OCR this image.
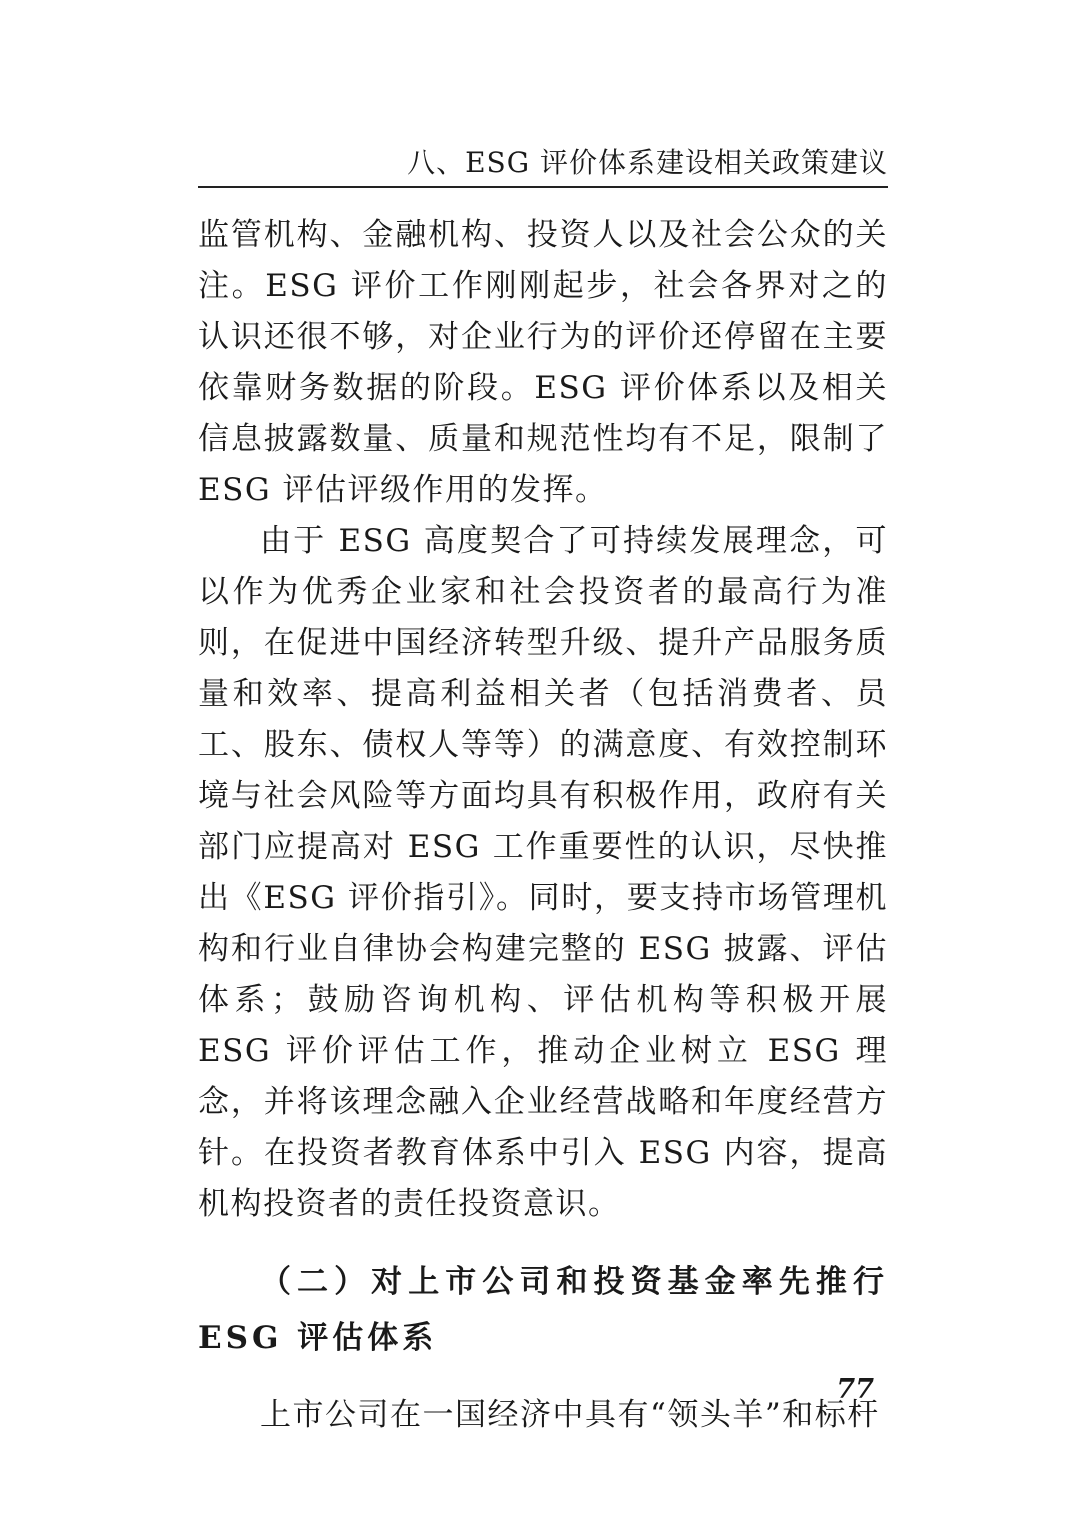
八、ESG 评价体系建设相关政策建议

监管机构、金融机构、投资人以及社会公众的关注。ESG 评价工作刚刚起步，社会各界对之的认识还很不够，对企业行为的评价还停留在主要依靠财务数据的阶段。ESG 评价体系以及相关信息披露数量、质量和规范性均有不足，限制了 ESG 评估评级作用的发挥。

由于 ESG 高度契合了可持续发展理念，可以作为优秀企业家和社会投资者的最高行为准则，在促进中国经济转型升级、提升产品服务质量和效率、提高利益相关者（包括消费者、员工、股东、债权人等等）的满意度、有效控制环境与社会风险等方面均具有积极作用，政府有关部门应提高对 ESG 工作重要性的认识，尽快推出《ESG 评价指引》。同时，要支持市场管理机构和行业自律协会构建完整的 ESG 披露、评估体系；鼓励咨询机构、评估机构等积极开展 ESG 评价评估工作，推动企业树立 ESG 理念，并将该理念融入企业经营战略和年度经营方针。在投资者教育体系中引入 ESG 内容，提高机构投资者的责任投资意识。

（二）对上市公司和投资基金率先推行 ESG 评估体系

上市公司在一国经济中具有“领头羊”和标杆

77
